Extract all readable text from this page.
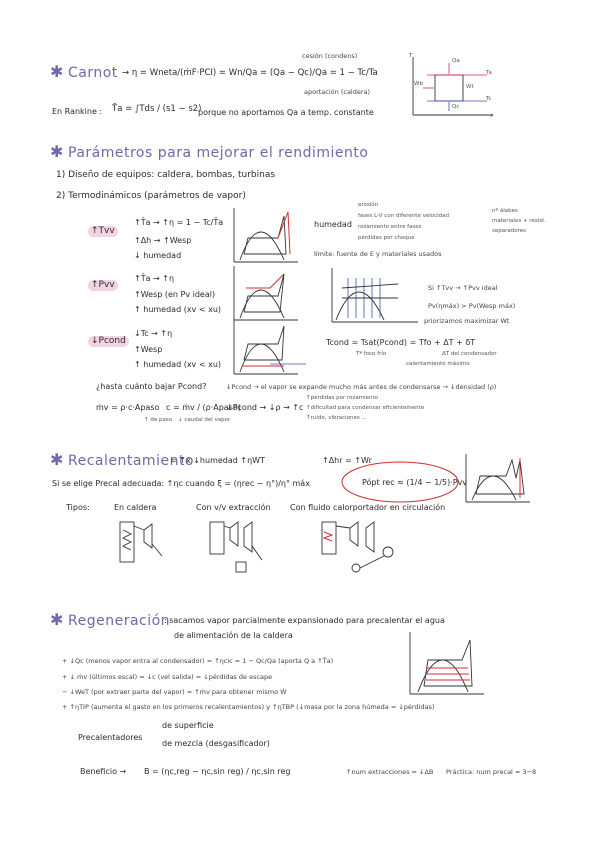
✱ Carnot → η = Wneta/(ṁF·PCI) = Wn/Qa = (Qa − Qc)/Qa = 1 − Tc/Ta
cesión (condens)
aportación (caldera)
En Rankine : T̄a = ∫Tds / (s1 − s2)
porque no aportamos Qa a temp. constante
T
s
Qa
Qc
Wb	Wt
Ta
Tc
✱ Parámetros para mejorar el rendimiento
1) Diseño de equipos: caldera, bombas, turbinas
2) Termodinámicos (parámetros de vapor)
↑Tvv
↑T̄a → ↑η = 1 − Tc/T̄a
↑Δh → ↑Wesp
↓ humedad
humedad
erosión
fases L-V con diferente velocidad
rozamiento entre fases
pérdidas por choque
nº álabes
materiales + resist.
separadores
límite: fuente de E y materiales usados
↑Pvv
↑T̄a → ↑η
↑Wesp (en Pv ideal)
↑ humedad (xv < xu)
Si ↑Tvv → ↑Pvv ideal
Pv(ηmáx) > Pv(Wesp máx)
priorizamos maximizar Wt
↓Pcond
↓Tc → ↑η
↑Wesp
↑ humedad (xv < xu)
Tcond = Tsat(Pcond) = Tfo + ΔT + δT
Tª foco frío
calentamiento máximo
ΔT del condensador
¿hasta cuánto bajar Pcond?	↓Pcond → el vapor se expande mucho más antes de condensarse → ↓densidad (ρ)
ṁv = ρ·c·Apaso c = ṁv / (ρ·Apaso)
↑ de paso ↓ caudal del vapor
↓Pcond → ↓ρ → ↑c
↑pérdidas por rozamiento
↑dificultad para condensar eficientemente
↑ruido, vibraciones …
✱ Recalentamiento
= ↑x ↓humedad ↑ηWT	↑Δhr = ↑Wr
Si se elige Precal adecuada: ↑ηc cuando ξ = (ηrec − η°)/η° máx	Pópt rec ≈ (1/4 − 1/5)·Pvv
Tipos:	En caldera	Con v/v extracción Con fluido calorportador en circulación
✱ Regeneración
: sacamos vapor parcialmente expansionado para precalentar el agua
de alimentación de la caldera
+ ↓Qc (menos vapor entra al condensador) = ↑ηcic = 1 − Qc/Qa (aporta Q a ↑T̄a)
+ ↓ ṁv (últimos escal) = ↓c (vel salida) = ↓pérdidas de escape
− ↓WeT (por extraer parte del vapor) = ↑ṁv para obtener mismo Ẇ
+ ↑ηTIP (aumenta el gasto en los primeros recalentamientos) y ↑ηTBP (↓masa por la zona húmeda = ↓pérdidas)
Precalentadores
de superficie
de mezcla (desgasificador)
Beneficio → B = (ηc,reg − ηc,sin reg) / ηc,sin reg	↑num extracciones = ↓ΔB Práctica: num precal ≈ 3−8
